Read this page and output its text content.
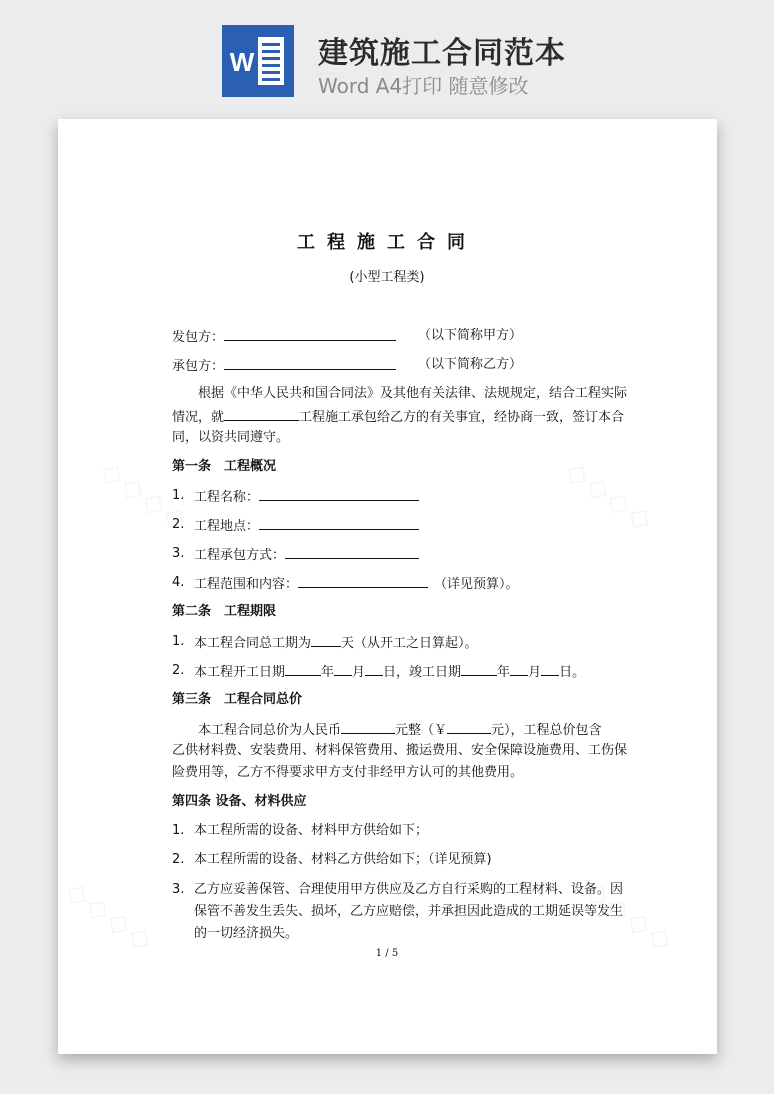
W 建筑施工合同范本
Word A4打印 随意修改
工程施工合同
(小型工程类)
发包方：	（以下简称甲方）
承包方：	（以下简称乙方）
根据《中华人民共和国合同法》及其他有关法律、法规规定，结合工程实际
情况，就	工程施工承包给乙方的有关事宜，经协商一致，签订本合
同，以资共同遵守。
第一条　工程概况
1. 工程名称：
2. 工程地点：
3. 工程承包方式：
4. 工程范围和内容：	（详见预算）。
第二条　工程期限
1. 本工程合同总工期为 天（从开工之日算起）。
2. 本工程开工日期	年 月 日，竣工日期	年 月 日。
第三条　工程合同总价
本工程合同总价为人民币	元整（￥	元），工程总价包含
乙供材料费、安装费用、材料保管费用、搬运费用、安全保障设施费用、工伤保
险费用等，乙方不得要求甲方支付非经甲方认可的其他费用。
第四条 设备、材料供应
1. 本工程所需的设备、材料甲方供给如下；
2. 本工程所需的设备、材料乙方供给如下；（详见预算)
3. 乙方应妥善保管、合理使用甲方供应及乙方自行采购的工程材料、设备。因
保管不善发生丢失、损坏，乙方应赔偿，并承担因此造成的工期延误等发生
的一切经济损失。
1 / 5
